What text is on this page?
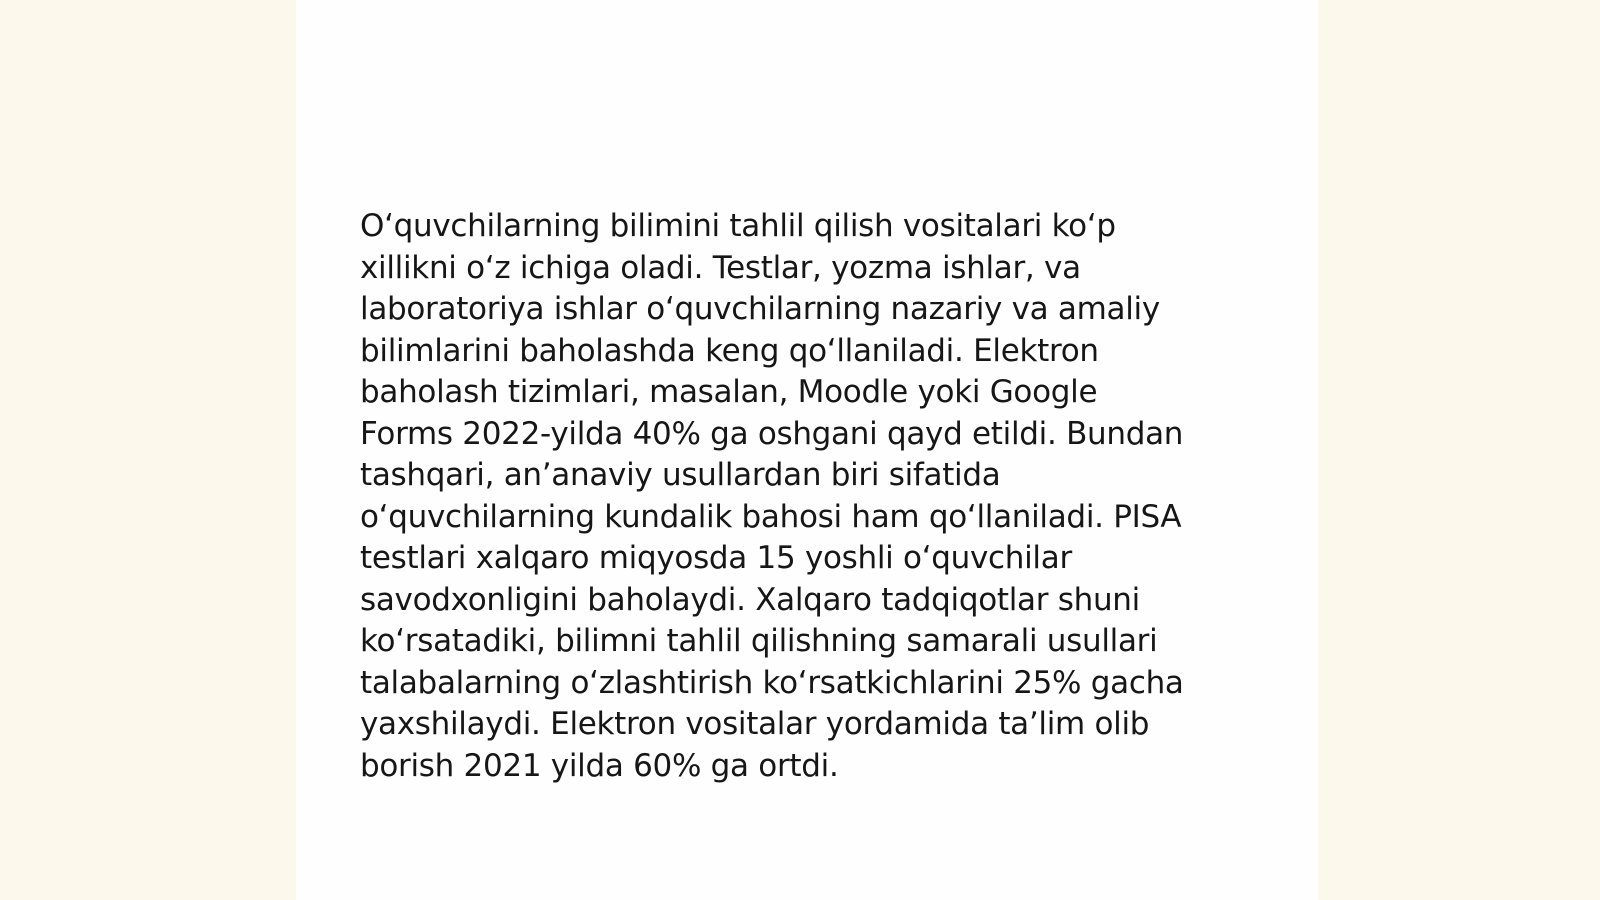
O‘quvchilarning bilimini tahlil qilish vositalari ko‘p
xillikni o‘z ichiga oladi. Testlar, yozma ishlar, va
laboratoriya ishlar o‘quvchilarning nazariy va amaliy
bilimlarini baholashda keng qo‘llaniladi. Elektron
baholash tizimlari, masalan, Moodle yoki Google
Forms 2022-yilda 40% ga oshgani qayd etildi. Bundan
tashqari, an’anaviy usullardan biri sifatida
o‘quvchilarning kundalik bahosi ham qo‘llaniladi. PISA
testlari xalqaro miqyosda 15 yoshli o‘quvchilar
savodxonligini baholaydi. Xalqaro tadqiqotlar shuni
ko‘rsatadiki, bilimni tahlil qilishning samarali usullari
talabalarning o‘zlashtirish ko‘rsatkichlarini 25% gacha
yaxshilaydi. Elektron vositalar yordamida ta’lim olib
borish 2021 yilda 60% ga ortdi.
